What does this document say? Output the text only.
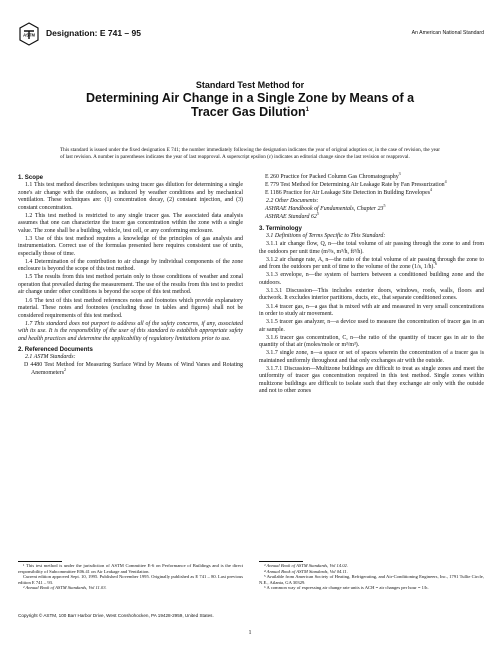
ASTM Designation: E 741 – 95	An American National Standard
Standard Test Method for
Determining Air Change in a Single Zone by Means of a
Tracer Gas Dilution$^1$
This standard is issued under the fixed designation E 741; the number immediately following the designation indicates the year of original adoption or, in the case of revision, the year of last revision. A number in parentheses indicates the year of last reapproval. A superscript epsilon (ε) indicates an editorial change since the last revision or reapproval.

1. Scope

1.1 This test method describes techniques using tracer gas dilution for determining a single zone's air change with the outdoors, as induced by weather conditions and by mechanical ventilation. These techniques are: (1) concentration decay, (2) constant injection, and (3) constant concentration.

1.2 This test method is restricted to any single tracer gas. The associated data analysis assumes that one can characterize the tracer gas concentration within the zone with a single value. The zone shall be a building, vehicle, test cell, or any conforming enclosure.

1.3 Use of this test method requires a knowledge of the principles of gas analysis and instrumentation. Correct use of the formulas presented here requires consistent use of units, especially those of time.

1.4 Determination of the contribution to air change by individual components of the zone enclosure is beyond the scope of this test method.

1.5 The results from this test method pertain only to those conditions of weather and zonal operation that prevailed during the measurement. The use of the results from this test to predict air change under other conditions is beyond the scope of this test method.

1.6 The text of this test method references notes and footnotes which provide explanatory material. These notes and footnotes (excluding those in tables and figures) shall not be considered requirements of this test method.

1.7 This standard does not purport to address all of the safety concerns, if any, associated with its use. It is the responsibility of the user of this standard to establish appropriate safety and health practices and determine the applicability of regulatory limitations prior to use.

2. Referenced Documents

2.1 ASTM Standards:

D 4480 Test Method for Measuring Surface Wind by Means of Wind Vanes and Rotating Anemometers$^2$

E 260 Practice for Packed Column Gas Chromatography$^3$

E 779 Test Method for Determining Air Leakage Rate by Fan Pressurization$^4$

E 1186 Practice for Air Leakage Site Detection in Building Envelopes$^4$

2.2 Other Documents:

ASHRAE Handbook of Fundamentals, Chapter $23^5$

ASHRAE Standard $62^5$

3. Terminology

3.1 Definitions of Terms Specific to This Standard:

3.1.1 air change flow, Q, n—the total volume of air passing through the zone to and from the outdoors per unit time (m³/s, m³/h, ft³/h).

3.1.2 air change rate, A, n—the ratio of the total volume of air passing through the zone to and from the outdoors per unit of time to the volume of the zone (1/s, 1/h).$^6$

3.1.3 envelope, n—the system of barriers between a conditioned building zone and the outdoors.

3.1.3.1 Discussion—This includes exterior doors, windows, roofs, walls, floors and ductwork. It excludes interior partitions, ducts, etc., that separate conditioned zones.

3.1.4 tracer gas, n—a gas that is mixed with air and measured in very small concentrations in order to study air movement.

3.1.5 tracer gas analyzer, n—a device used to measure the concentration of tracer gas in an air sample.

3.1.6 tracer gas concentration, C, n—the ratio of the quantity of tracer gas in air to the quantity of that air (moles/mole or m³/m³).

3.1.7 single zone, n—a space or set of spaces wherein the concentration of a tracer gas is maintained uniformly throughout and that only exchanges air with the outside.

3.1.7.1 Discussion—Multizone buildings are difficult to treat as single zones and meet the uniformity of tracer gas concentration required in this test method. Single zones within multizone buildings are difficult to isolate such that they exchange air only with the outside and not to other zones

¹ This test method is under the jurisdiction of ASTM Committee E-6 on Performance of Buildings and is the direct responsibility of Subcommittee E06.41 on Air Leakage and Ventilation.

Current edition approved Sept. 10, 1995. Published November 1995. Originally published as E 741 – 80. Last previous edition E 741 – 93.

² Annual Book of ASTM Standards, Vol 11.03.

³ Annual Book of ASTM Standards, Vol 14.02.

⁴ Annual Book of ASTM Standards, Vol 04.11.

⁵ Available from American Society of Heating, Refrigerating, and Air-Conditioning Engineers, Inc., 1791 Tullie Circle, N.E., Atlanta, GA 30329.

⁶ A common way of expressing air change rate units is ACH = air changes per hour = 1/h.

Copyright © ASTM, 100 Barr Harbor Drive, West Conshohocken, PA 19428-2959, United States.
1
